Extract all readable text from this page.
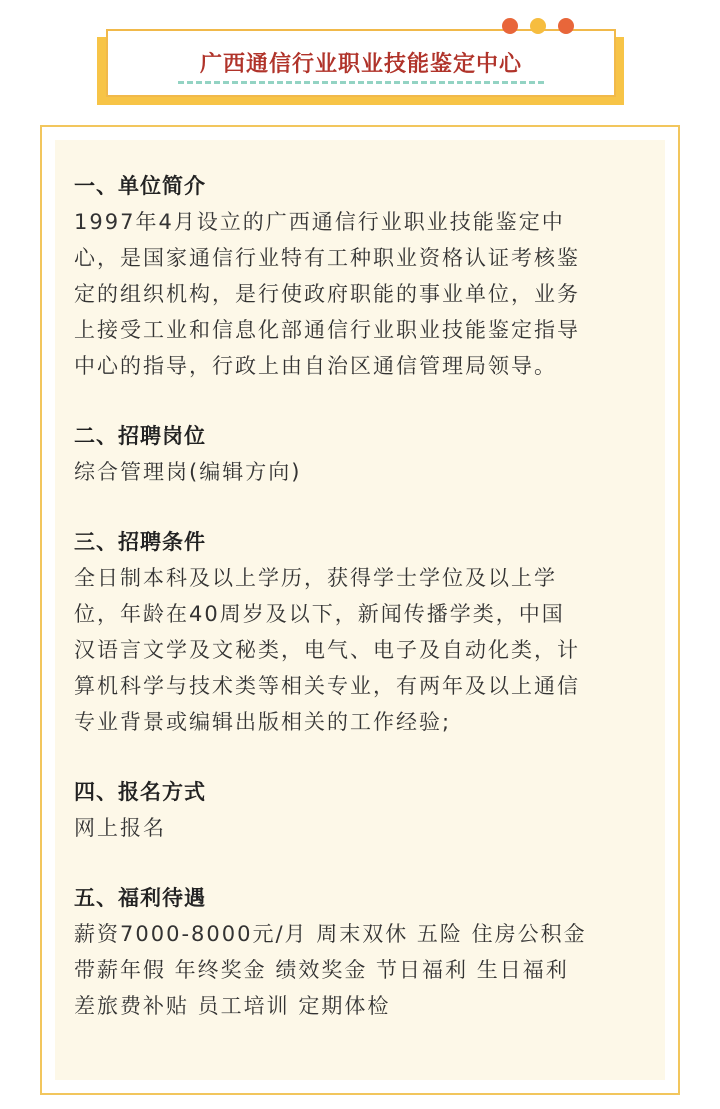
广西通信行业职业技能鉴定中心
一、单位简介

1997年4月设立的广西通信行业职业技能鉴定中

心，是国家通信行业特有工种职业资格认证考核鉴

定的组织机构，是行使政府职能的事业单位，业务

上接受工业和信息化部通信行业职业技能鉴定指导

中心的指导，行政上由自治区通信管理局领导。

二、招聘岗位

综合管理岗(编辑方向)

三、招聘条件

全日制本科及以上学历，获得学士学位及以上学

位，年龄在40周岁及以下，新闻传播学类，中国

汉语言文学及文秘类，电气、电子及自动化类，计

算机科学与技术类等相关专业，有两年及以上通信

专业背景或编辑出版相关的工作经验;

四、报名方式

网上报名

五、福利待遇

薪资7000-8000元/月 周末双休 五险 住房公积金

带薪年假 年终奖金 绩效奖金 节日福利 生日福利

差旅费补贴 员工培训 定期体检
